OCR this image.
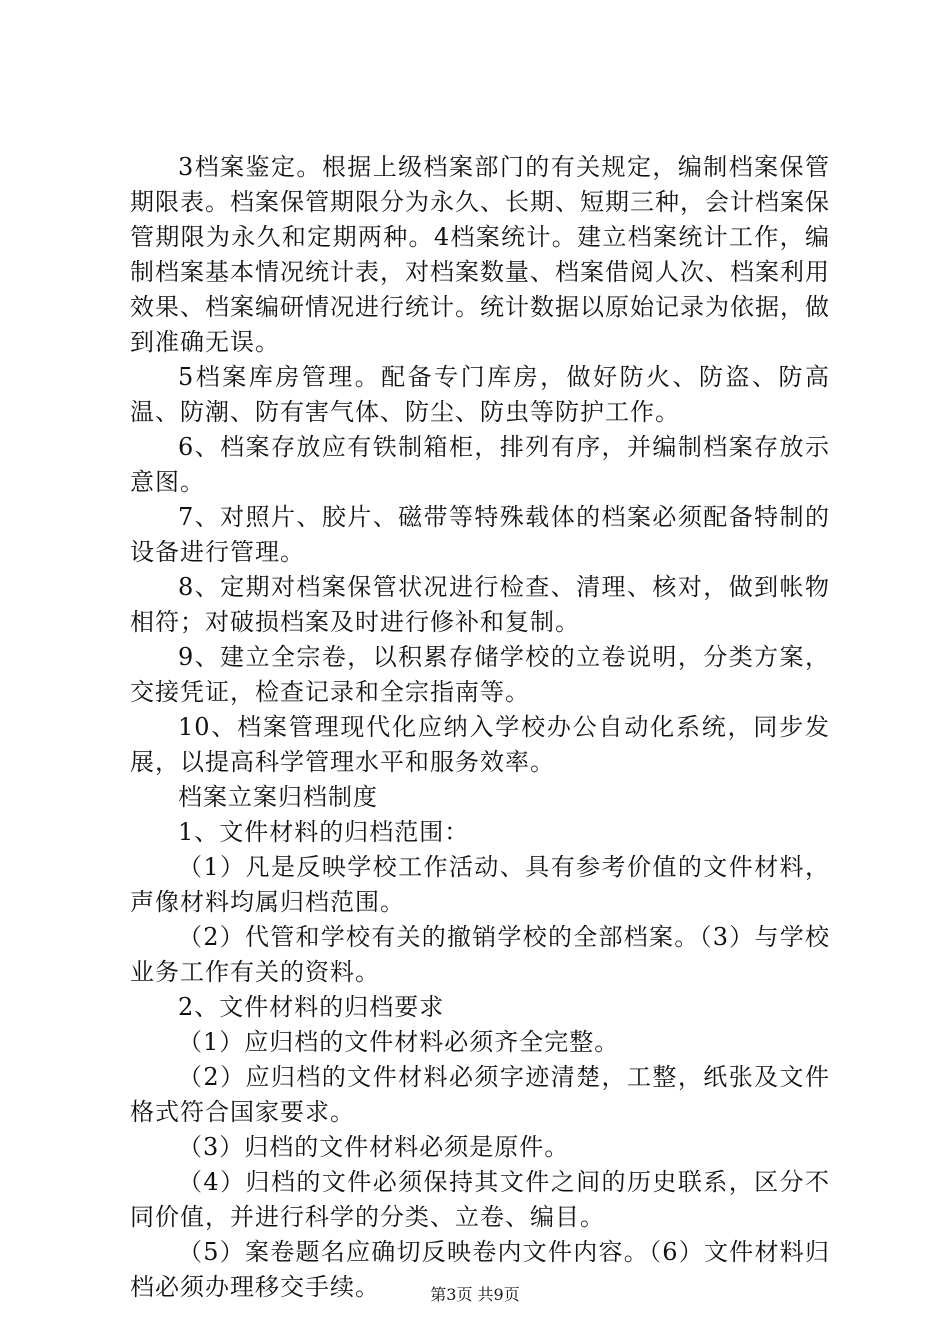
3档案鉴定。根据上级档案部门的有关规定，编制档案保管期限表。档案保管期限分为永久、长期、短期三种，会计档案保管期限为永久和定期两种。4档案统计。建立档案统计工作，编制档案基本情况统计表，对档案数量、档案借阅人次、档案利用效果、档案编研情况进行统计。统计数据以原始记录为依据，做到准确无误。

5档案库房管理。配备专门库房，做好防火、防盗、防高温、防潮、防有害气体、防尘、防虫等防护工作。

6、档案存放应有铁制箱柜，排列有序，并编制档案存放示意图。

7、对照片、胶片、磁带等特殊载体的档案必须配备特制的设备进行管理。

8、定期对档案保管状况进行检查、清理、核对，做到帐物相符；对破损档案及时进行修补和复制。

9、建立全宗卷，以积累存储学校的立卷说明，分类方案，交接凭证，检查记录和全宗指南等。

10、档案管理现代化应纳入学校办公自动化系统，同步发展，以提高科学管理水平和服务效率。

档案立案归档制度

1、文件材料的归档范围：

（1）凡是反映学校工作活动、具有参考价值的文件材料，声像材料均属归档范围。

（2）代管和学校有关的撤销学校的全部档案。（3）与学校业务工作有关的资料。

2、文件材料的归档要求

（1）应归档的文件材料必须齐全完整。

（2）应归档的文件材料必须字迹清楚，工整，纸张及文件格式符合国家要求。

（3）归档的文件材料必须是原件。

（4）归档的文件必须保持其文件之间的历史联系，区分不同价值，并进行科学的分类、立卷、编目。

（5）案卷题名应确切反映卷内文件内容。（6）文件材料归档必须办理移交手续。	第3页 共9页
